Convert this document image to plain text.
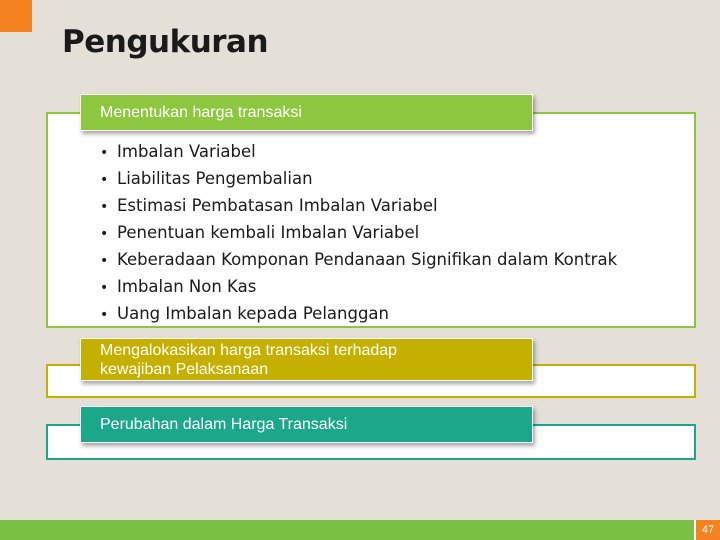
Pengukuran
Menentukan harga transaksi
• Imbalan Variabel
• Liabilitas Pengembalian
• Estimasi Pembatasan Imbalan Variabel
• Penentuan kembali Imbalan Variabel
• Keberadaan Komponan Pendanaan Signifikan dalam Kontrak
• Imbalan Non Kas
• Uang Imbalan kepada Pelanggan
Mengalokasikan harga transaksi terhadap kewajiban Pelaksanaan
Perubahan dalam Harga Transaksi
47
